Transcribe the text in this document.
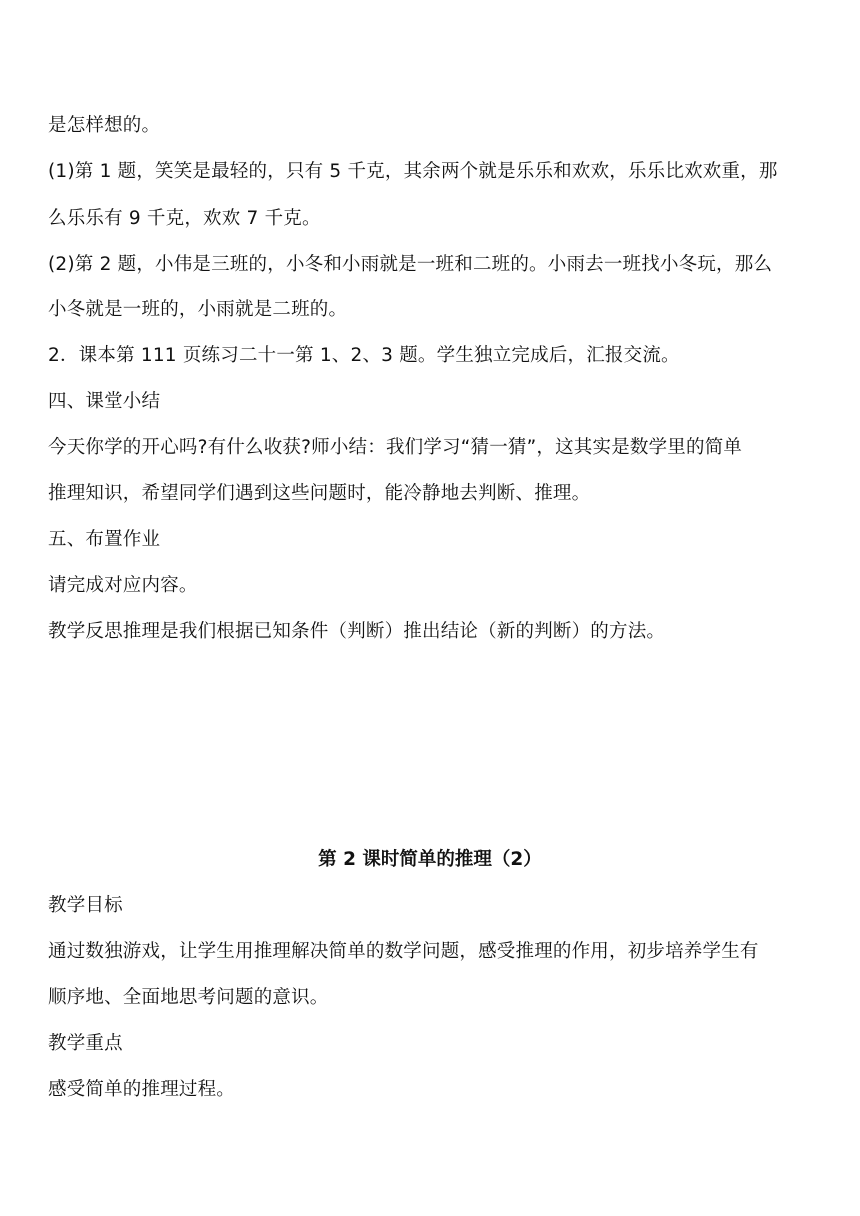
是怎样想的。
(1)第 1 题，笑笑是最轻的，只有 5 千克，其余两个就是乐乐和欢欢，乐乐比欢欢重，那
么乐乐有 9 千克，欢欢 7 千克。
(2)第 2 题，小伟是三班的，小冬和小雨就是一班和二班的。小雨去一班找小冬玩，那么
小冬就是一班的，小雨就是二班的。
2．课本第 111 页练习二十一第 1、2、3 题。学生独立完成后，汇报交流。
四、课堂小结
今天你学的开心吗?有什么收获?师小结：我们学习“猜一猜”，这其实是数学里的简单
推理知识，希望同学们遇到这些问题时，能冷静地去判断、推理。
五、布置作业
请完成对应内容。
教学反思推理是我们根据已知条件（判断）推出结论（新的判断）的方法。
第 2 课时简单的推理（2）
教学目标
通过数独游戏，让学生用推理解决简单的数学问题，感受推理的作用，初步培养学生有
顺序地、全面地思考问题的意识。
教学重点
感受简单的推理过程。
